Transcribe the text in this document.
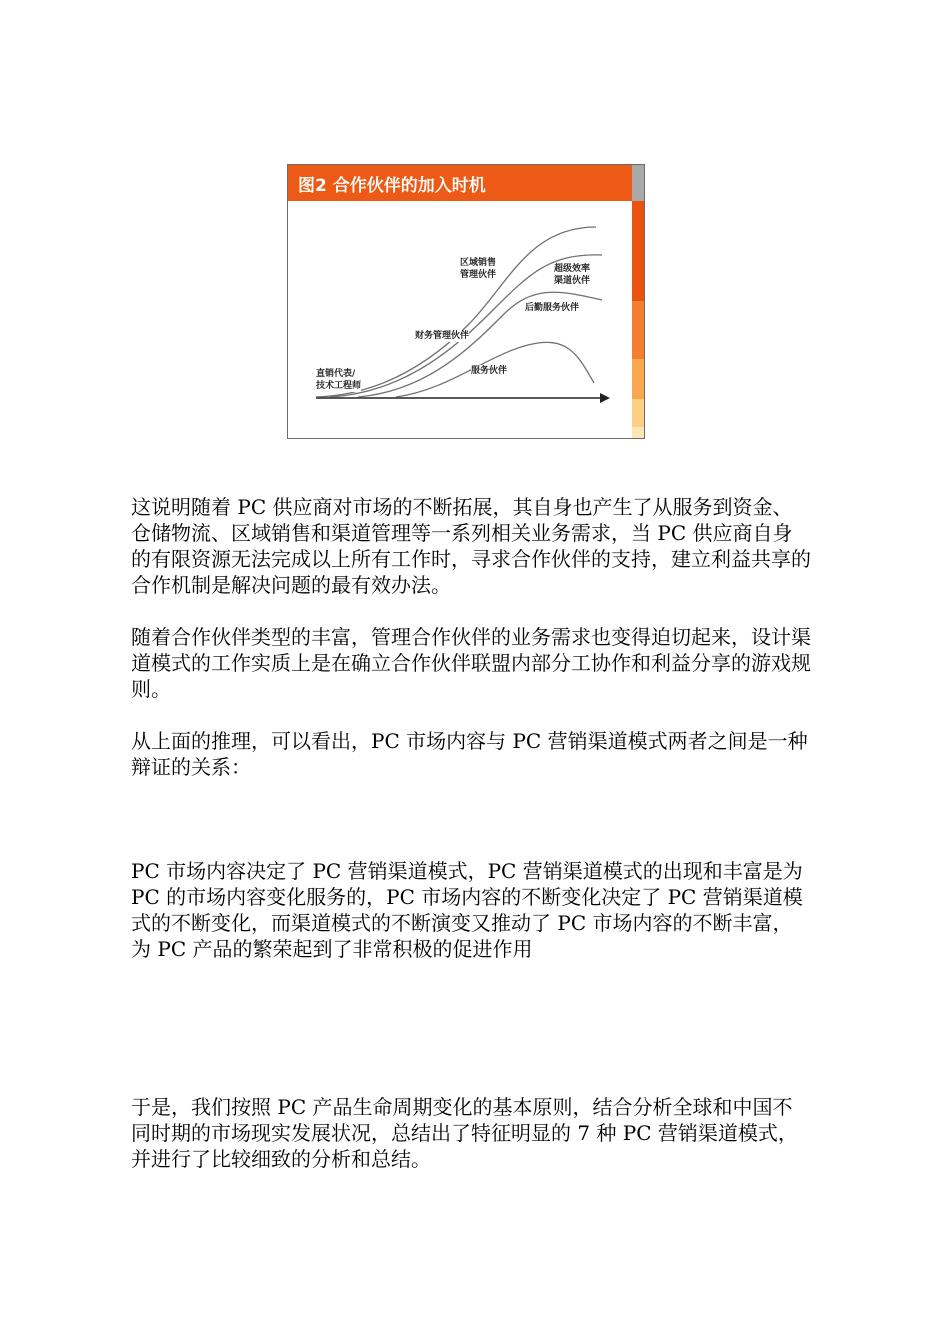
图2 合作伙伴的加入时机
直销代表/
技术工程师
财务管理伙伴
区域销售
管理伙伴
超级效率
渠道伙伴
后勤服务伙伴
服务伙伴

这说明随着 PC 供应商对市场的不断拓展，其自身也产生了从服务到资金、仓储物流、区域销售和渠道管理等一系列相关业务需求，当 PC 供应商自身的有限资源无法完成以上所有工作时，寻求合作伙伴的支持，建立利益共享的合作机制是解决问题的最有效办法。

随着合作伙伴类型的丰富，管理合作伙伴的业务需求也变得迫切起来，设计渠道模式的工作实质上是在确立合作伙伴联盟内部分工协作和利益分享的游戏规则。

从上面的推理，可以看出，PC 市场内容与 PC 营销渠道模式两者之间是一种辩证的关系：

PC 市场内容决定了 PC 营销渠道模式，PC 营销渠道模式的出现和丰富是为 PC 的市场内容变化服务的，PC 市场内容的不断变化决定了 PC 营销渠道模式的不断变化，而渠道模式的不断演变又推动了 PC 市场内容的不断丰富，为 PC 产品的繁荣起到了非常积极的促进作用

于是，我们按照 PC 产品生命周期变化的基本原则，结合分析全球和中国不同时期的市场现实发展状况，总结出了特征明显的 7 种 PC 营销渠道模式，并进行了比较细致的分析和总结。
